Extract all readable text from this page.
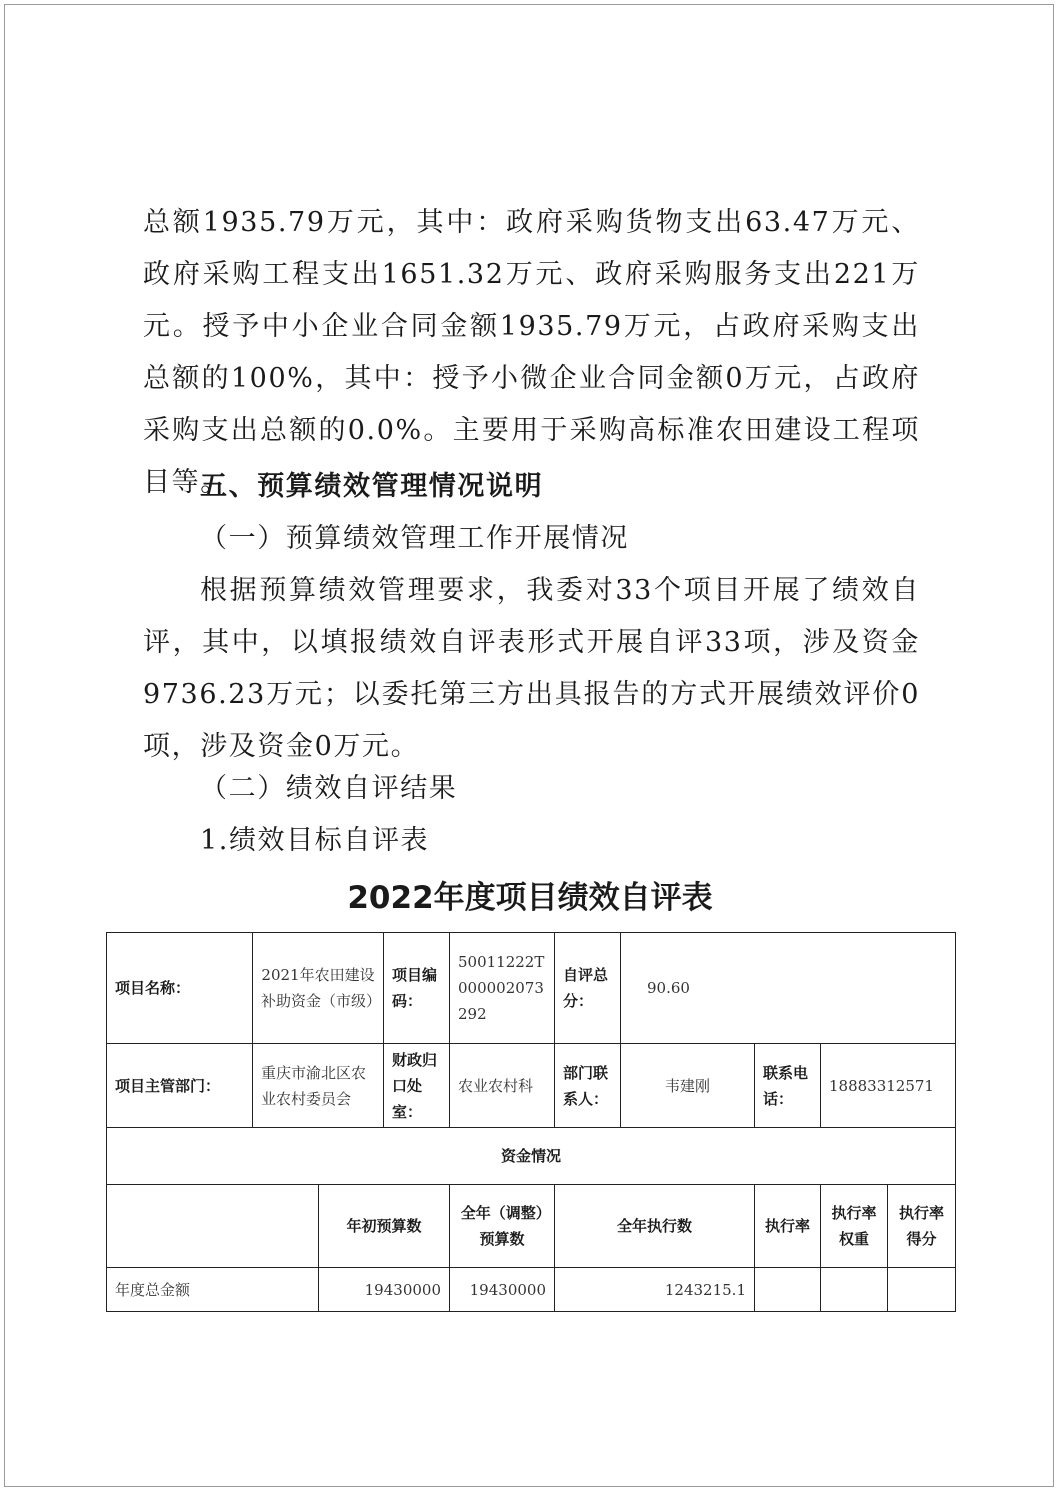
总额1935.79万元，其中：政府采购货物支出63.47万元、政府采购工程支出1651.32万元、政府采购服务支出221万元。授予中小企业合同金额1935.79万元，占政府采购支出总额的100%，其中：授予小微企业合同金额0万元，占政府采购支出总额的0.0%。主要用于采购高标准农田建设工程项目等。

五、预算绩效管理情况说明

（一）预算绩效管理工作开展情况

根据预算绩效管理要求，我委对33个项目开展了绩效自评，其中，以填报绩效自评表形式开展自评33项，涉及资金9736.23万元；以委托第三方出具报告的方式开展绩效评价0项，涉及资金0万元。

（二）绩效自评结果

1.绩效目标自评表

2022年度项目绩效自评表
项目名称：	2021年农田建设补助资金（市级）		项目编码：	50011222T000002073292	自评总分：	90.60			
项目主管部门：	重庆市渝北区农业农村委员会		财政归口处室：	农业农村科	部门联系人：	韦建刚	联系电话：	18883312571	
资金情况									
		年初预算数		全年（调整）预算数	全年执行数		执行率	执行率权重	执行率得分
年度总金额		19430000		19430000	1243215.1				
